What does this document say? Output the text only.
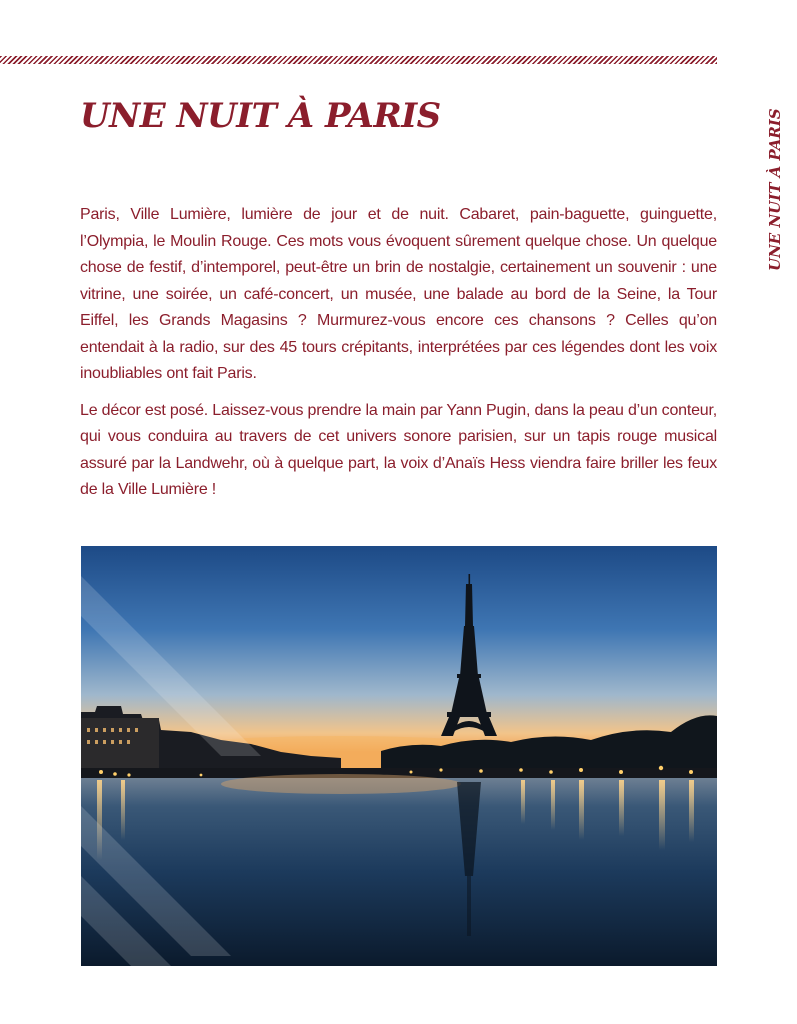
UNE NUIT À PARIS	UNE NUIT À PARIS

Paris, Ville Lumière, lumière de jour et de nuit. Cabaret, pain-baguette, guinguette, l’Olympia, le Moulin Rouge. Ces mots vous évoquent sûrement quelque chose. Un quelque chose de festif, d’intemporel, peut-être un brin de nostalgie, certainement un souvenir : une vitrine, une soirée, un café-concert, un musée, une balade au bord de la Seine, la Tour Eiffel, les Grands Magasins ? Murmurez-vous encore ces chansons ? Celles qu’on entendait à la radio, sur des 45 tours crépitants, interprétées par ces légendes dont les voix inoubliables ont fait Paris.

Le décor est posé. Laissez-vous prendre la main par Yann Pugin, dans la peau d’un conteur, qui vous conduira au travers de cet univers sonore parisien, sur un tapis rouge musical assuré par la Landwehr, où à quelque part, la voix d’Anaïs Hess viendra faire briller les feux de la Ville Lumière !
